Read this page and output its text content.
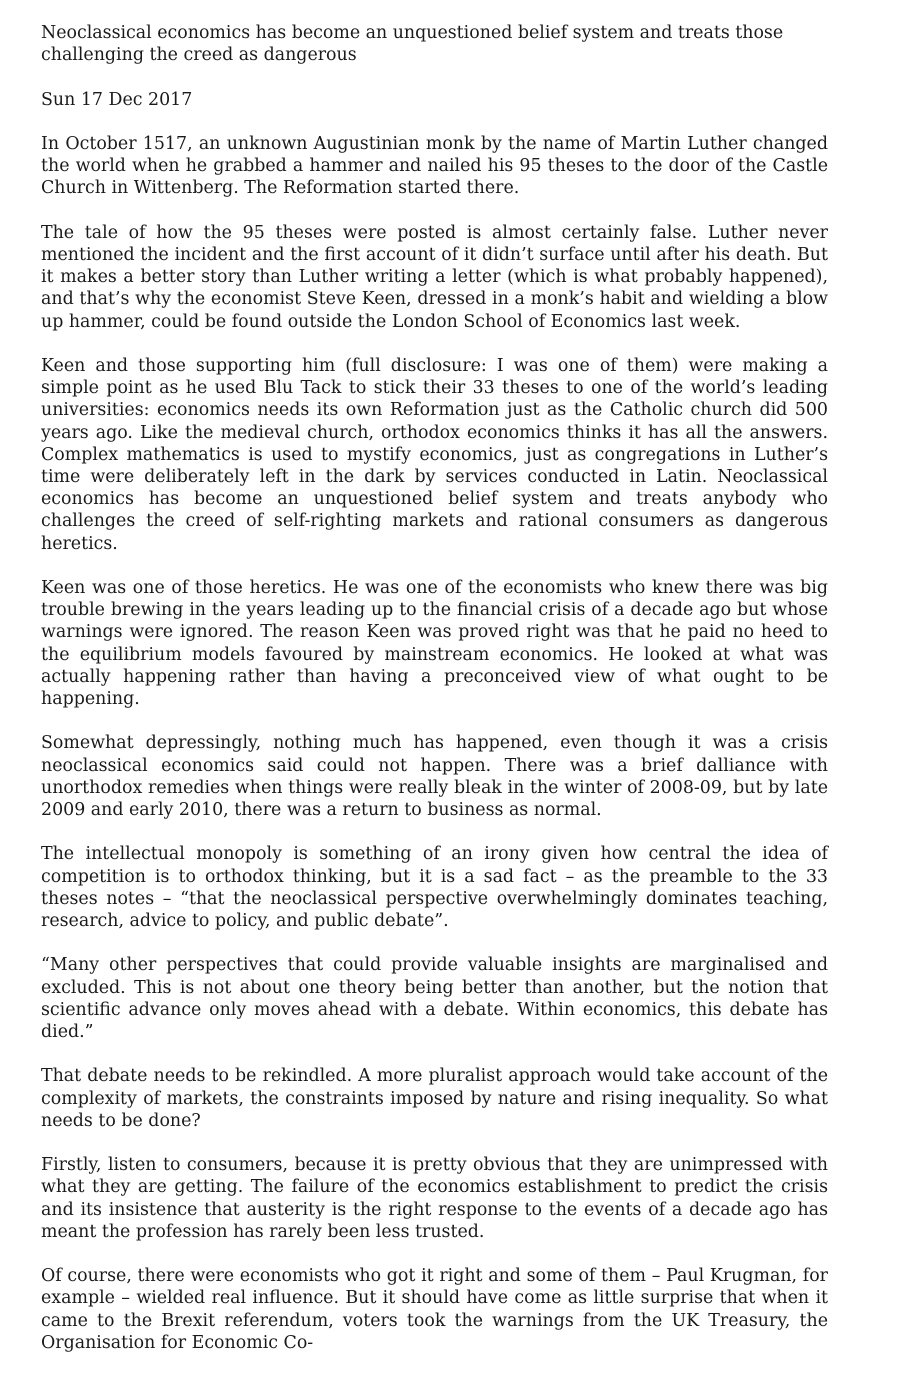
Neoclassical economics has become an unquestioned belief system and treats those challenging the creed as dangerous

Sun 17 Dec 2017

In October 1517, an unknown Augustinian monk by the name of Martin Luther changed the world when he grabbed a hammer and nailed his 95 theses to the door of the Castle Church in Wittenberg. The Reformation started there.

The tale of how the 95 theses were posted is almost certainly false. Luther never mentioned the incident and the first account of it didn’t surface until after his death. But it makes a better story than Luther writing a letter (which is what probably happened), and that’s why the economist Steve Keen, dressed in a monk’s habit and wielding a blow up hammer, could be found outside the London School of Economics last week.

Keen and those supporting him (full disclosure: I was one of them) were making a simple point as he used Blu Tack to stick their 33 theses to one of the world’s leading universities: economics needs its own Reformation just as the Catholic church did 500 years ago. Like the medieval church, orthodox economics thinks it has all the answers. Complex mathematics is used to mystify economics, just as congregations in Luther’s time were deliberately left in the dark by services conducted in Latin. Neoclassical economics has become an unquestioned belief system and treats anybody who challenges the creed of self-righting markets and rational consumers as dangerous heretics.

Keen was one of those heretics. He was one of the economists who knew there was big trouble brewing in the years leading up to the financial crisis of a decade ago but whose warnings were ignored. The reason Keen was proved right was that he paid no heed to the equilibrium models favoured by mainstream economics. He looked at what was actually happening rather than having a preconceived view of what ought to be happening.

Somewhat depressingly, nothing much has happened, even though it was a crisis neoclassical economics said could not happen. There was a brief dalliance with unorthodox remedies when things were really bleak in the winter of 2008-09, but by late 2009 and early 2010, there was a return to business as normal.

The intellectual monopoly is something of an irony given how central the idea of competition is to orthodox thinking, but it is a sad fact – as the preamble to the 33 theses notes – “that the neoclassical perspective overwhelmingly dominates teaching, research, advice to policy, and public debate”.

“Many other perspectives that could provide valuable insights are marginalised and excluded. This is not about one theory being better than another, but the notion that scientific advance only moves ahead with a debate. Within economics, this debate has died.”

That debate needs to be rekindled. A more pluralist approach would take account of the complexity of markets, the constraints imposed by nature and rising inequality. So what needs to be done?

Firstly, listen to consumers, because it is pretty obvious that they are unimpressed with what they are getting. The failure of the economics establishment to predict the crisis and its insistence that austerity is the right response to the events of a decade ago has meant the profession has rarely been less trusted.

Of course, there were economists who got it right and some of them – Paul Krugman, for example – wielded real influence. But it should have come as little surprise that when it came to the Brexit referendum, voters took the warnings from the UK Treasury, the Organisation for Economic Co-
